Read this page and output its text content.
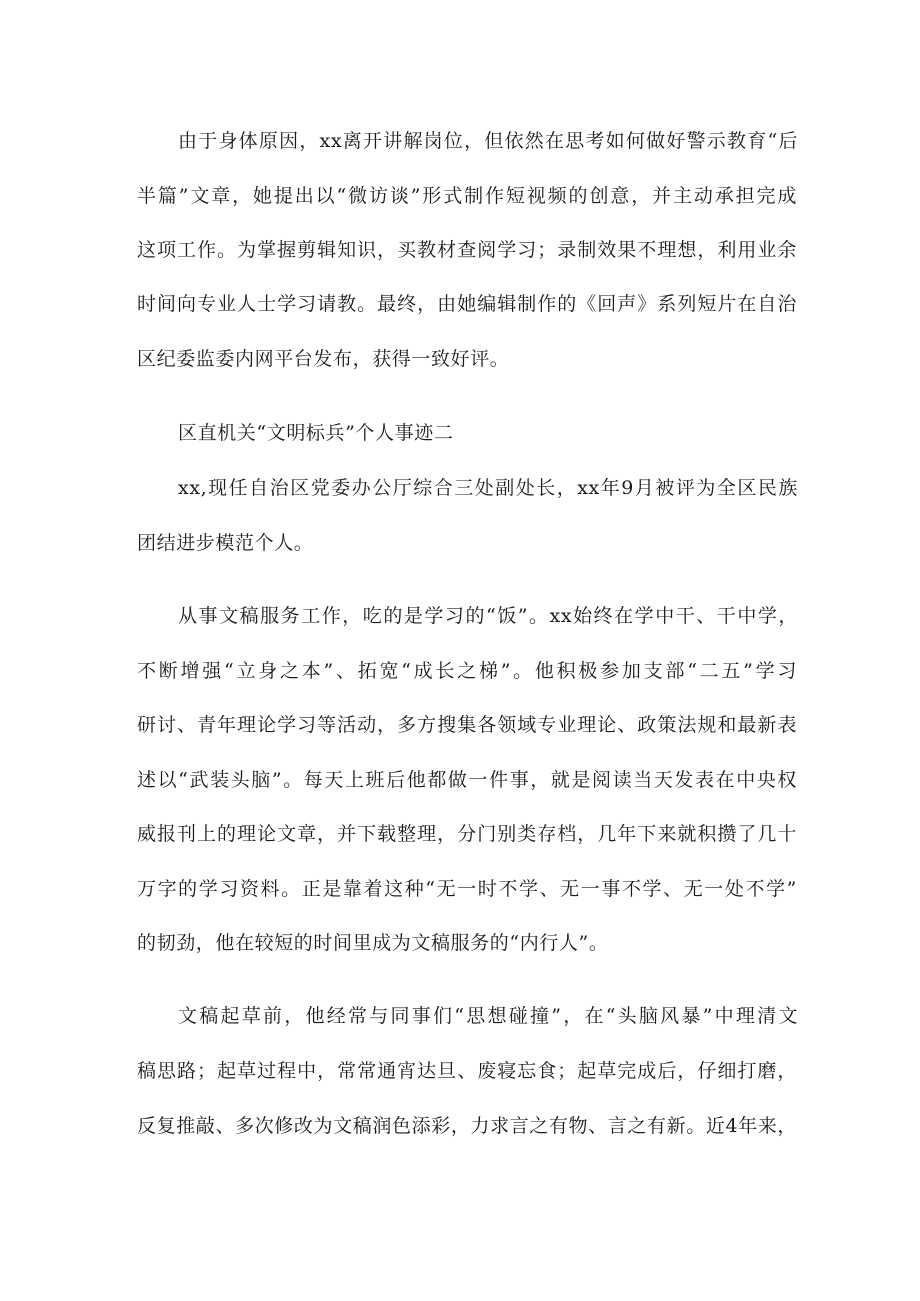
由于身体原因，xx离开讲解岗位，但依然在思考如何做好警示教育“后
半篇”文章，她提出以“微访谈”形式制作短视频的创意，并主动承担完成
这项工作。为掌握剪辑知识，买教材查阅学习；录制效果不理想，利用业余
时间向专业人士学习请教。最终，由她编辑制作的《回声》系列短片在自治
区纪委监委内网平台发布，获得一致好评。
区直机关“文明标兵”个人事迹二
xx,现任自治区党委办公厅综合三处副处长，xx年9月被评为全区民族
团结进步模范个人。
从事文稿服务工作，吃的是学习的“饭”。xx始终在学中干、干中学，
不断增强“立身之本”、拓宽“成长之梯”。他积极参加支部“二五”学习
研讨、青年理论学习等活动，多方搜集各领域专业理论、政策法规和最新表
述以“武装头脑”。每天上班后他都做一件事，就是阅读当天发表在中央权
威报刊上的理论文章，并下载整理，分门别类存档，几年下来就积攒了几十
万字的学习资料。正是靠着这种“无一时不学、无一事不学、无一处不学”
的韧劲，他在较短的时间里成为文稿服务的“内行人”。
文稿起草前，他经常与同事们“思想碰撞”，在“头脑风暴”中理清文
稿思路；起草过程中，常常通宵达旦、废寝忘食；起草完成后，仔细打磨，
反复推敲、多次修改为文稿润色添彩，力求言之有物、言之有新。近4年来，
